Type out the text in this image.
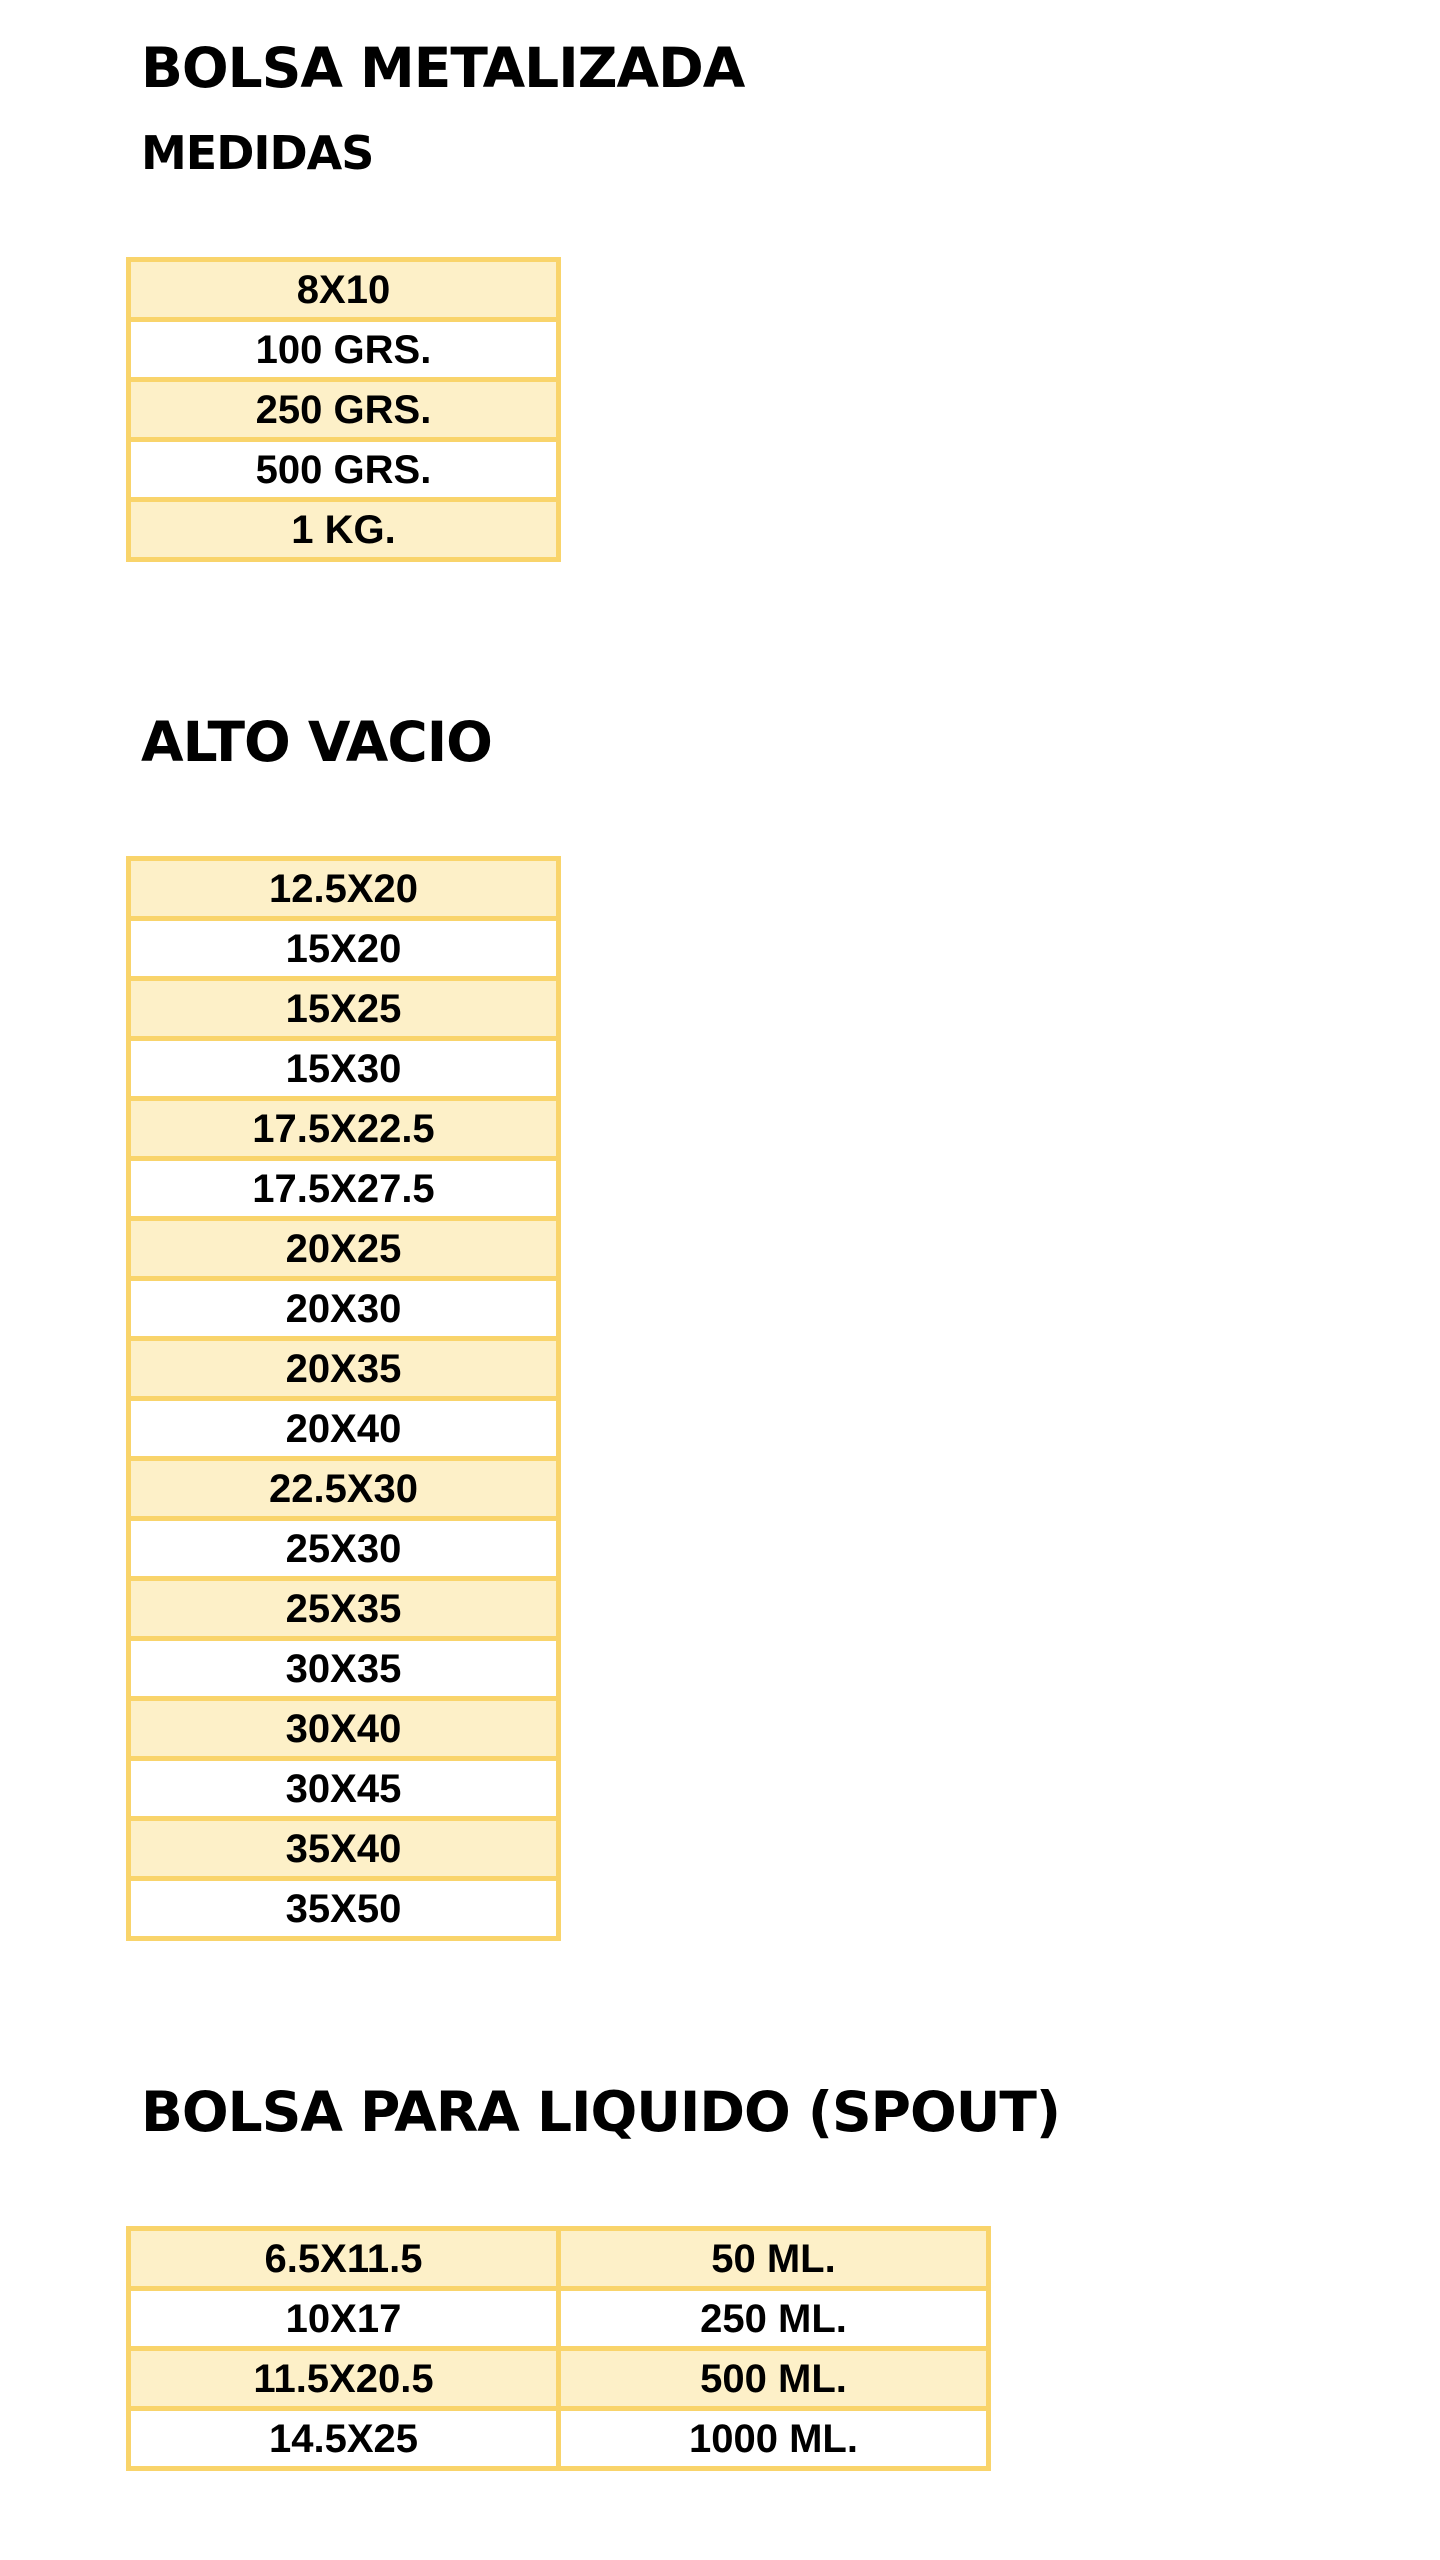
BOLSA METALIZADA
MEDIDAS
8X10
100 GRS.
250 GRS.
500 GRS.
1 KG.
ALTO VACIO
12.5X20
15X20
15X25
15X30
17.5X22.5
17.5X27.5
20X25
20X30
20X35
20X40
22.5X30
25X30
25X35
30X35
30X40
30X45
35X40
35X50
BOLSA PARA LIQUIDO (SPOUT)
6.5X11.5	50 ML.
10X17	250 ML.
11.5X20.5	500 ML.
14.5X25	1000 ML.
